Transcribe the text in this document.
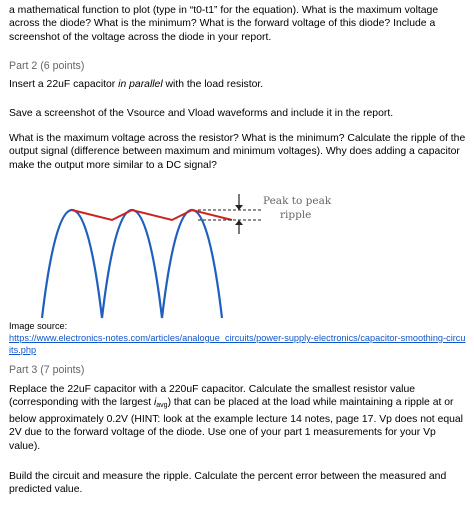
a mathematical function to plot (type in “t0-t1” for the equation). What is the maximum voltage across the diode? What is the minimum? What is the forward voltage of this diode? Include a screenshot of the voltage across the diode in your report.
Part 2 (6 points)
Insert a 22uF capacitor in parallel with the load resistor.
Save a screenshot of the Vsource and Vload waveforms and include it in the report.
What is the maximum voltage across the resistor? What is the minimum? Calculate the ripple of the output signal (difference between maximum and minimum voltages). Why does adding a capacitor make the output more similar to a DC signal?
Peak to peak
ripple
Image source:
https://www.electronics-notes.com/articles/analogue_circuits/power-supply-electronics/capacitor-smoothing-circuits.php
Part 3 (7 points)
Replace the 22uF capacitor with a 220uF capacitor. Calculate the smallest resistor value (corresponding with the largest $i_{avg}$) that can be placed at the load while maintaining a ripple at or below approximately 0.2V (HINT: look at the example lecture 14 notes, page 17. Vp does not equal 2V due to the forward voltage of the diode. Use one of your part 1 measurements for your Vp value).
Build the circuit and measure the ripple. Calculate the percent error between the measured and predicted value.
